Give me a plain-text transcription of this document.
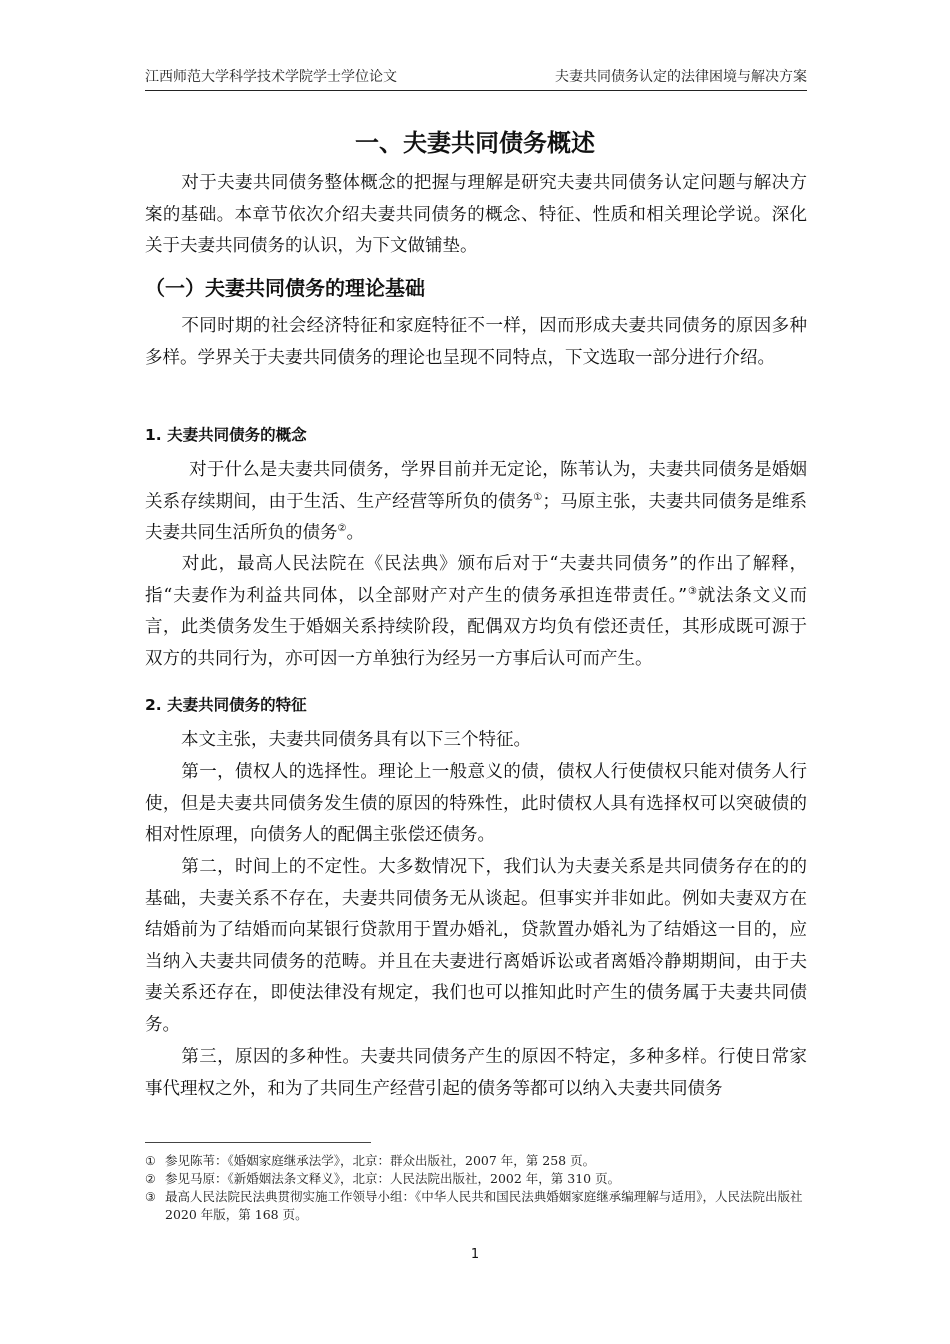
江西师范大学科学技术学院学士学位论文	夫妻共同债务认定的法律困境与解决方案
一、夫妻共同债务概述

对于夫妻共同债务整体概念的把握与理解是研究夫妻共同债务认定问题与解决方案的基础。本章节依次介绍夫妻共同债务的概念、特征、性质和相关理论学说。深化关于夫妻共同债务的认识，为下文做铺垫。

（一）夫妻共同债务的理论基础

不同时期的社会经济特征和家庭特征不一样，因而形成夫妻共同债务的原因多种多样。学界关于夫妻共同债务的理论也呈现不同特点，下文选取一部分进行介绍。

1. 夫妻共同债务的概念

对于什么是夫妻共同债务，学界目前并无定论，陈苇认为，夫妻共同债务是婚姻关系存续期间，由于生活、生产经营等所负的债务①；马原主张，夫妻共同债务是维系夫妻共同生活所负的债务②。

对此，最高人民法院在《民法典》颁布后对于“夫妻共同债务”的作出了解释，指“夫妻作为利益共同体，以全部财产对产生的债务承担连带责任。”③就法条文义而言，此类债务发生于婚姻关系持续阶段，配偶双方均负有偿还责任，其形成既可源于双方的共同行为，亦可因一方单独行为经另一方事后认可而产生。

2. 夫妻共同债务的特征

本文主张，夫妻共同债务具有以下三个特征。

第一，债权人的选择性。理论上一般意义的债，债权人行使债权只能对债务人行使，但是夫妻共同债务发生债的原因的特殊性，此时债权人具有选择权可以突破债的相对性原理，向债务人的配偶主张偿还债务。

第二，时间上的不定性。大多数情况下，我们认为夫妻关系是共同债务存在的的基础，夫妻关系不存在，夫妻共同债务无从谈起。但事实并非如此。例如夫妻双方在结婚前为了结婚而向某银行贷款用于置办婚礼，贷款置办婚礼为了结婚这一目的，应当纳入夫妻共同债务的范畴。并且在夫妻进行离婚诉讼或者离婚冷静期期间，由于夫妻关系还存在，即使法律没有规定，我们也可以推知此时产生的债务属于夫妻共同债务。

第三，原因的多种性。夫妻共同债务产生的原因不特定，多种多样。行使日常家事代理权之外，和为了共同生产经营引起的债务等都可以纳入夫妻共同债务

① 参见陈苇：《婚姻家庭继承法学》，北京：群众出版社，2007 年，第 258 页。
② 参见马原：《新婚姻法条文释义》，北京：人民法院出版社，2002 年，第 310 页。
③ 最高人民法院民法典贯彻实施工作领导小组：《中华人民共和国民法典婚姻家庭继承编理解与适用》，人民法院出版社 2020 年版，第 168 页。
1
